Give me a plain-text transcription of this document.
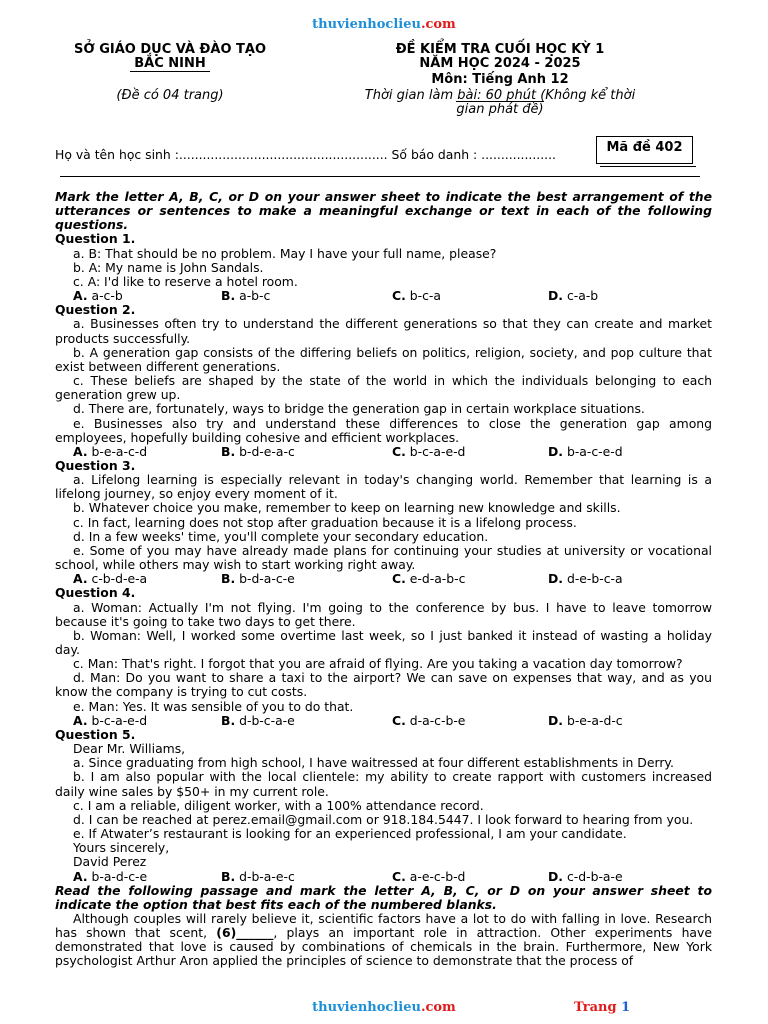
thuvienhoclieu.com
SỞ GIÁO DỤC VÀ ĐÀO TẠO
BẮC NINH
(Đề có 04 trang)
ĐỀ KIỂM TRA CUỐI HỌC KỲ 1
NĂM HỌC 2024 - 2025
Môn: Tiếng Anh 12
Thời gian làm bài: 60 phút (Không kể thời
gian phát đề)
Họ và tên học sinh :..................................................... Số báo danh : ...................	Mã đề 402

Mark the letter A, B, C, or D on your answer sheet to indicate the best arrangement of the utterances or sentences to make a meaningful exchange or text in each of the following questions.

Question 1.

a. B: That should be no problem. May I have your full name, please?

b. A: My name is John Sandals.

c. A: I'd like to reserve a hotel room.

A. a-c-b	B. a-b-c	C. b-c-a	D. c-a-b

Question 2.

a. Businesses often try to understand the different generations so that they can create and market products successfully.

b. A generation gap consists of the differing beliefs on politics, religion, society, and pop culture that exist between different generations.

c. These beliefs are shaped by the state of the world in which the individuals belonging to each generation grew up.

d. There are, fortunately, ways to bridge the generation gap in certain workplace situations.

e. Businesses also try and understand these differences to close the generation gap among employees, hopefully building cohesive and efficient workplaces.

A. b-e-a-c-d	B. b-d-e-a-c	C. b-c-a-e-d	D. b-a-c-e-d

Question 3.

a. Lifelong learning is especially relevant in today's changing world. Remember that learning is a lifelong journey, so enjoy every moment of it.

b. Whatever choice you make, remember to keep on learning new knowledge and skills.

c. In fact, learning does not stop after graduation because it is a lifelong process.

d. In a few weeks' time, you'll complete your secondary education.

e. Some of you may have already made plans for continuing your studies at university or vocational school, while others may wish to start working right away.

A. c-b-d-e-a	B. b-d-a-c-e	C. e-d-a-b-c	D. d-e-b-c-a

Question 4.

a. Woman: Actually I'm not flying. I'm going to the conference by bus. I have to leave tomorrow because it's going to take two days to get there.

b. Woman: Well, I worked some overtime last week, so I just banked it instead of wasting a holiday day.

c. Man: That's right. I forgot that you are afraid of flying. Are you taking a vacation day tomorrow?

d. Man: Do you want to share a taxi to the airport? We can save on expenses that way, and as you know the company is trying to cut costs.

e. Man: Yes. It was sensible of you to do that.

A. b-c-a-e-d	B. d-b-c-a-e	C. d-a-c-b-e	D. b-e-a-d-c

Question 5.

Dear Mr. Williams,

a. Since graduating from high school, I have waitressed at four different establishments in Derry.

b. I am also popular with the local clientele: my ability to create rapport with customers increased daily wine sales by $50+ in my current role.

c. I am a reliable, diligent worker, with a 100% attendance record.

d. I can be reached at perez.email@gmail.com or 918.184.5447. I look forward to hearing from you.

e. If Atwater’s restaurant is looking for an experienced professional, I am your candidate.

Yours sincerely,

David Perez

A. b-a-d-c-e	B. d-b-a-e-c	C. a-e-c-b-d	D. c-d-b-a-e

Read the following passage and mark the letter A, B, C, or D on your answer sheet to indicate the option that best fits each of the numbered blanks.

Although couples will rarely believe it, scientific factors have a lot to do with falling in love. Research has shown that scent, (6)______, plays an important role in attraction. Other experiments have demonstrated that love is caused by combinations of chemicals in the brain. Furthermore, New York psychologist Arthur Aron applied the principles of science to demonstrate that the process of

thuvienhoclieu.com	Trang 1
